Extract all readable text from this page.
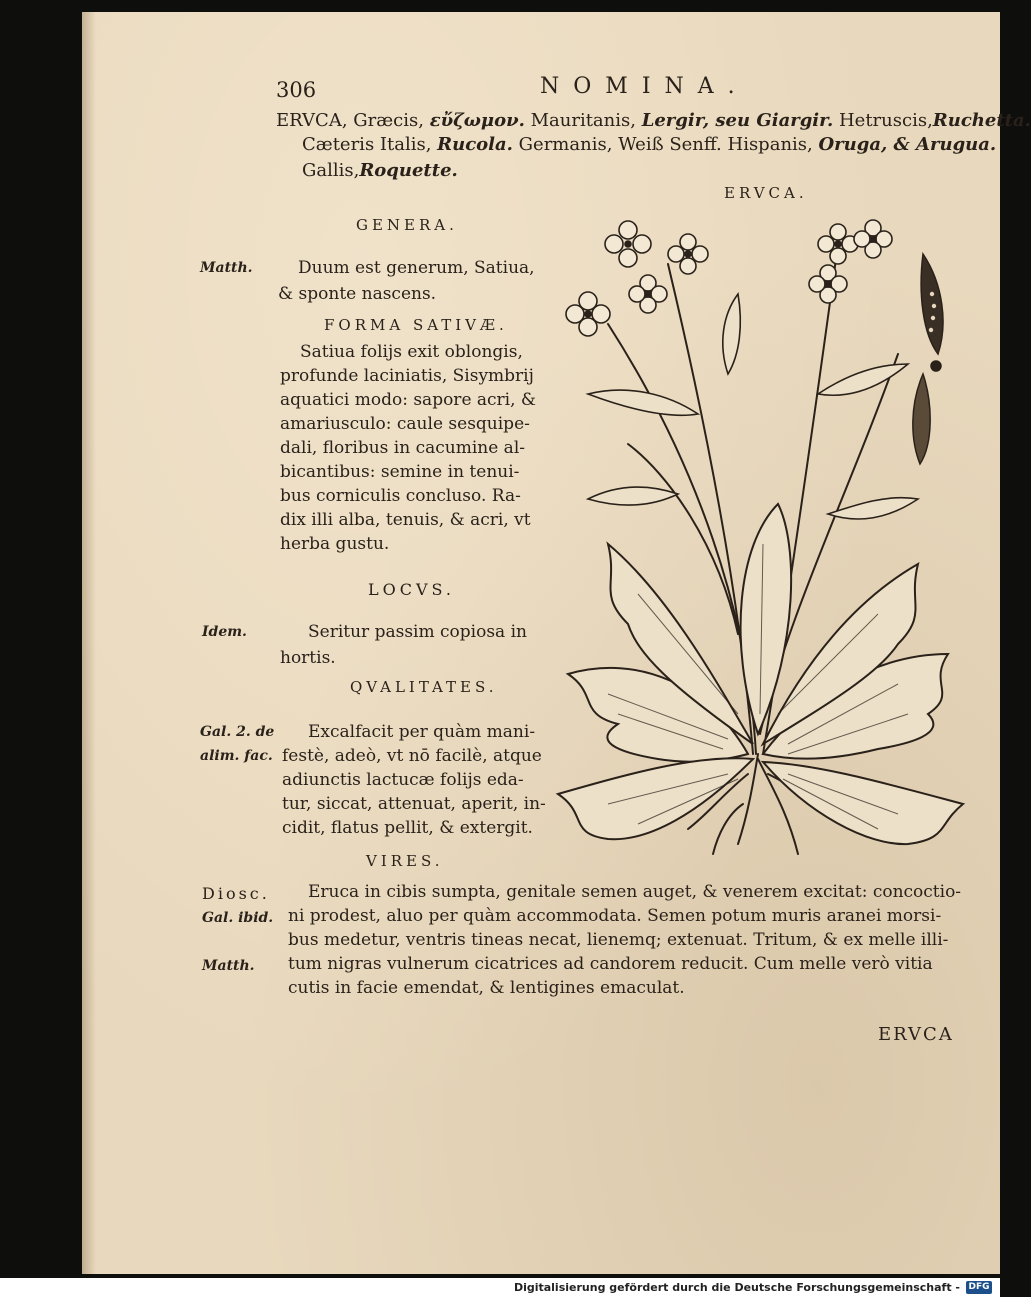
306	NOMINA.
ERVCA, Græcis, εὔζωμον. Mauritanis, Lergir, seu Giargir. Hetruscis,Ruchetta.
Cæteris Italis, Rucola. Germanis, Weiß Senff. Hispanis, Oruga, & Arugua.
Gallis,Roquette.
ERVCA.
GENERA.
Matth.	Duum est generum, Satiua,
& sponte nascens.
FORMA SATIVÆ.
Satiua folijs exit oblongis,
profunde laciniatis, Sisymbrij
aquatici modo: sapore acri, &
amariusculo: caule sesquipe-
dali, floribus in cacumine al-
bicantibus: semine in tenui-
bus corniculis concluso. Ra-
dix illi alba, tenuis, & acri, vt
herba gustu.
LOCVS.
Idem.	Seritur passim copiosa in
hortis.
QVALITATES.
Gal. 2. de
alim. fac.
Excalfacit per quàm mani-
festè, adeò, vt nō facilè, atque
adiunctis lactucæ folijs eda-
tur, siccat, attenuat, aperit, in-
cidit, flatus pellit, & extergit.
VIRES.
Diosc.
Gal. ibid.
Matth.
Eruca in cibis sumpta, genitale semen auget, & venerem excitat: concoctio-
ni prodest, aluo per quàm accommodata. Semen potum muris aranei morsi-
bus medetur, ventris tineas necat, lienemq; extenuat. Tritum, & ex melle illi-
tum nigras vulnerum cicatrices ad candorem reducit. Cum melle verò vitia
cutis in facie emendat, & lentigines emaculat.
ERVCA
Digitalisierung gefördert durch die Deutsche Forschungsgemeinschaft - DFG
